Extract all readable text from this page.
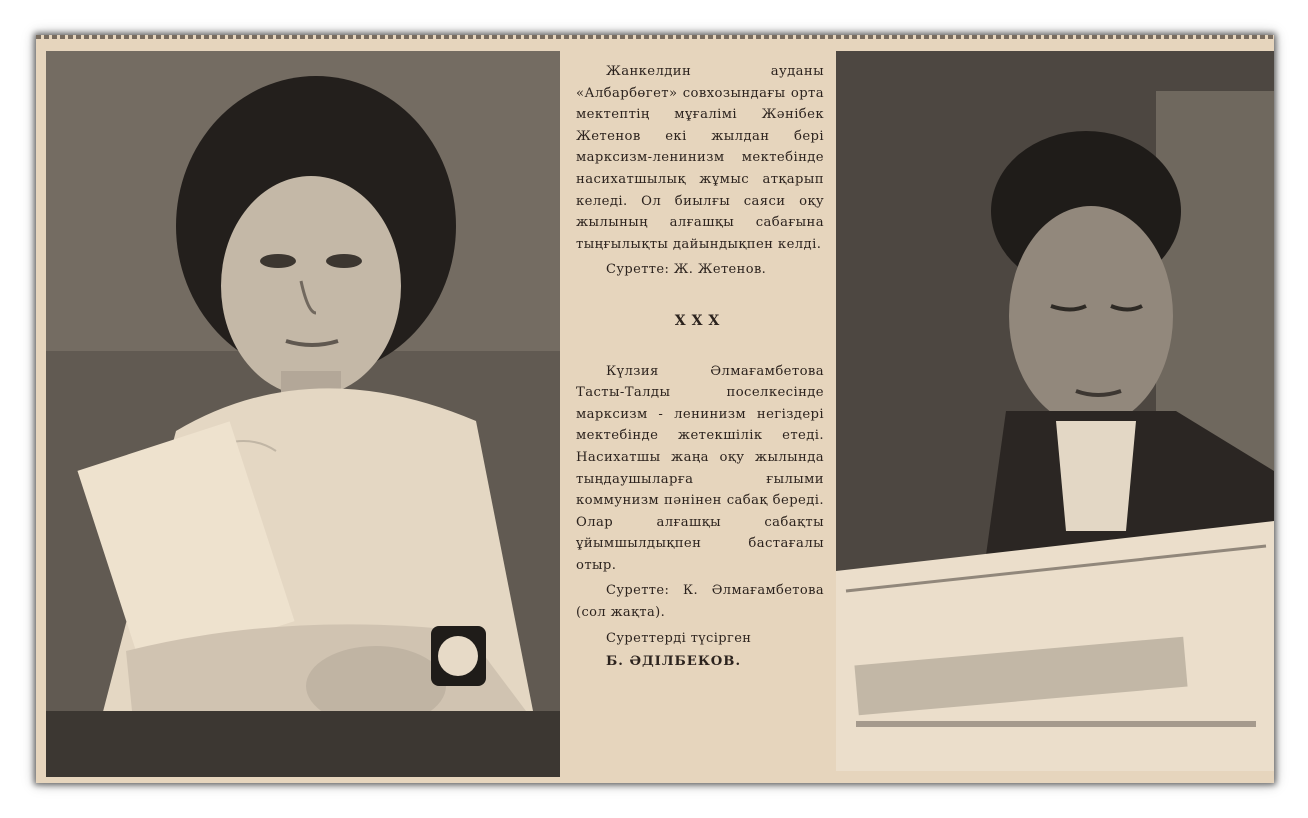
Жанкелдин ауданы «Албарбөгет» совхозындағы орта мектептің мұғалімі Жәнібек Жетенов екі жылдан бері марксизм-ленинизм мектебінде насихатшылық жұмыс атқарып келеді. Ол биылғы саяси оқу жылының алғашқы сабағына тыңғылықты дайындықпен келді.

Суретте: Ж. Жетенов.

XXX

Күлзия Әлмағамбетова Тасты-Талды поселкесінде марксизм - ленинизм негіздері мектебінде жетекшілік етеді. Насихатшы жаңа оқу жылында тыңдаушыларға ғылыми коммунизм пәнінен сабақ береді. Олар алғашқы сабақты ұйымшылдықпен бастағалы отыр.

Суретте: К. Әлмағамбетова (сол жақта).

Суреттерді түсірген

Б. ӘДІЛБЕКОВ.
